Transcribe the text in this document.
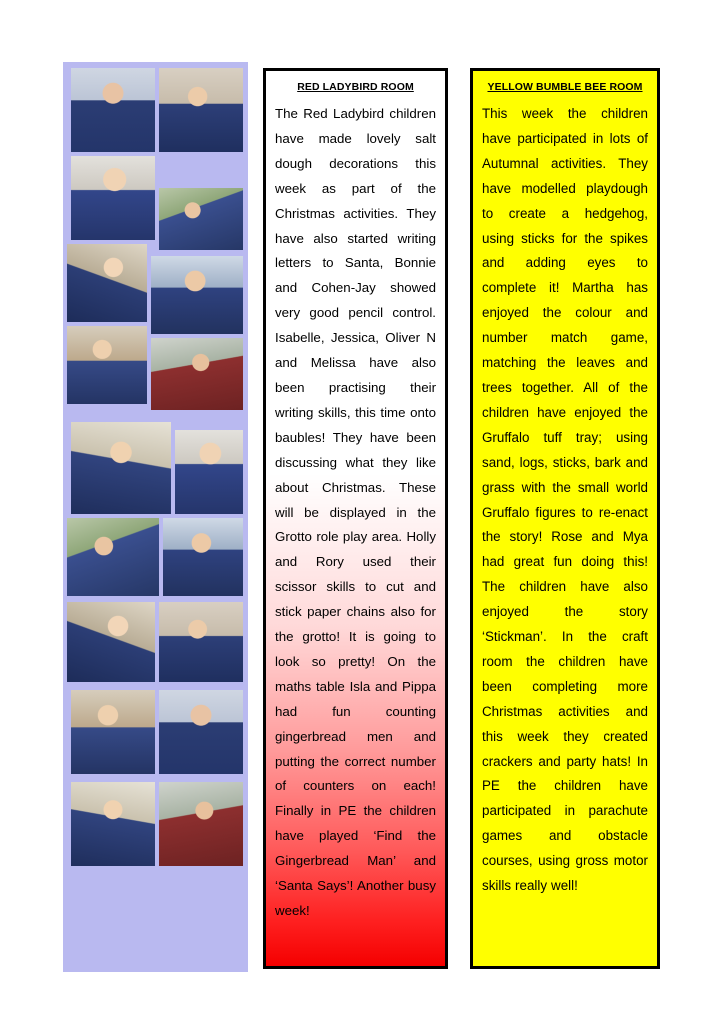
RED LADYBIRD ROOM
The Red Ladybird children have made lovely salt dough decorations this week as part of the Christmas activities. They have also started writing letters to Santa, Bonnie and Cohen-Jay showed very good pencil control. Isabelle, Jessica, Oliver N and Melissa have also been practising their writing skills, this time onto baubles! They have been discussing what they like about Christmas. These will be displayed in the Grotto role play area. Holly and Rory used their scissor skills to cut and stick paper chains also for the grotto! It is going to look so pretty! On the maths table Isla and Pippa had fun counting gingerbread men and putting the correct number of counters on each! Finally in PE the children have played ‘Find the Gingerbread Man’ and ‘Santa Says’! Another busy week!
YELLOW BUMBLE BEE ROOM
This week the children have participated in lots of Autumnal activities. They have modelled playdough to create a hedgehog, using sticks for the spikes and adding eyes to complete it! Martha has enjoyed the colour and number match game, matching the leaves and trees together. All of the children have enjoyed the Gruffalo tuff tray; using sand, logs, sticks, bark and grass with the small world Gruffalo figures to re-enact the story! Rose and Mya had great fun doing this! The children have also enjoyed the story ‘Stickman’. In the craft room the children have been completing more Christmas activities and this week they created crackers and party hats! In PE the children have participated in parachute games and obstacle courses, using gross motor skills really well!
